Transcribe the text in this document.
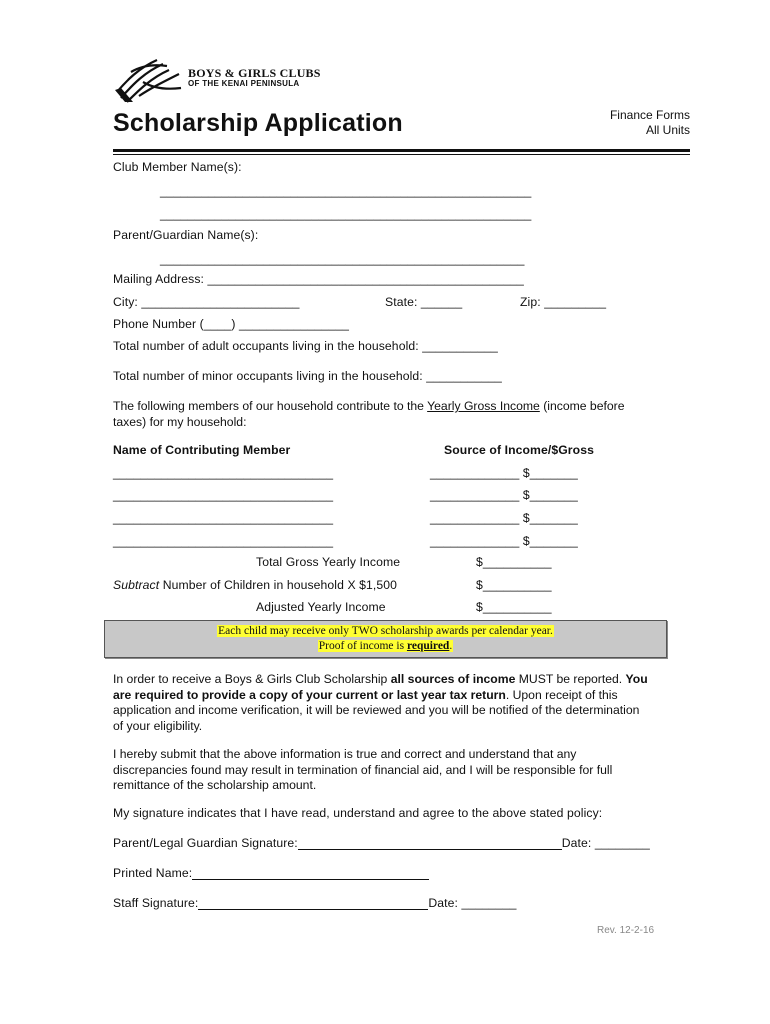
BOYS & GIRLS CLUBS
OF THE KENAI PENINSULA
Scholarship Application	Finance Forms
All Units
Club Member Name(s):
______________________________________________________
______________________________________________________
Parent/Guardian Name(s):
_____________________________________________________
Mailing Address: ______________________________________________
City: _______________________	State: ______	Zip: _________
Phone Number (____) ________________
Total number of adult occupants living in the household: ___________
Total number of minor occupants living in the household: ___________
The following members of our household contribute to the Yearly Gross Income (income before taxes) for my household:
Name of Contributing Member	Source of Income/$Gross
________________________________	_____________ $_______
________________________________	_____________ $_______
________________________________	_____________ $_______
________________________________	_____________ $_______
Total Gross Yearly Income	$__________
Subtract Number of Children in household X $1,500	$__________
Adjusted Yearly Income	$__________
Each child may receive only TWO scholarship awards per calendar year.
Proof of income is required.
In order to receive a Boys & Girls Club Scholarship all sources of income MUST be reported. You are required to provide a copy of your current or last year tax return. Upon receipt of this application and income verification, it will be reviewed and you will be notified of the determination of your eligibility.
I hereby submit that the above information is true and correct and understand that any discrepancies found may result in termination of financial aid, and I will be responsible for full remittance of the scholarship amount.
My signature indicates that I have read, understand and agree to the above stated policy:
Parent/Legal Guardian Signature:	Date: ________
Printed Name:
Staff Signature:	Date: ________
Rev. 12-2-16
